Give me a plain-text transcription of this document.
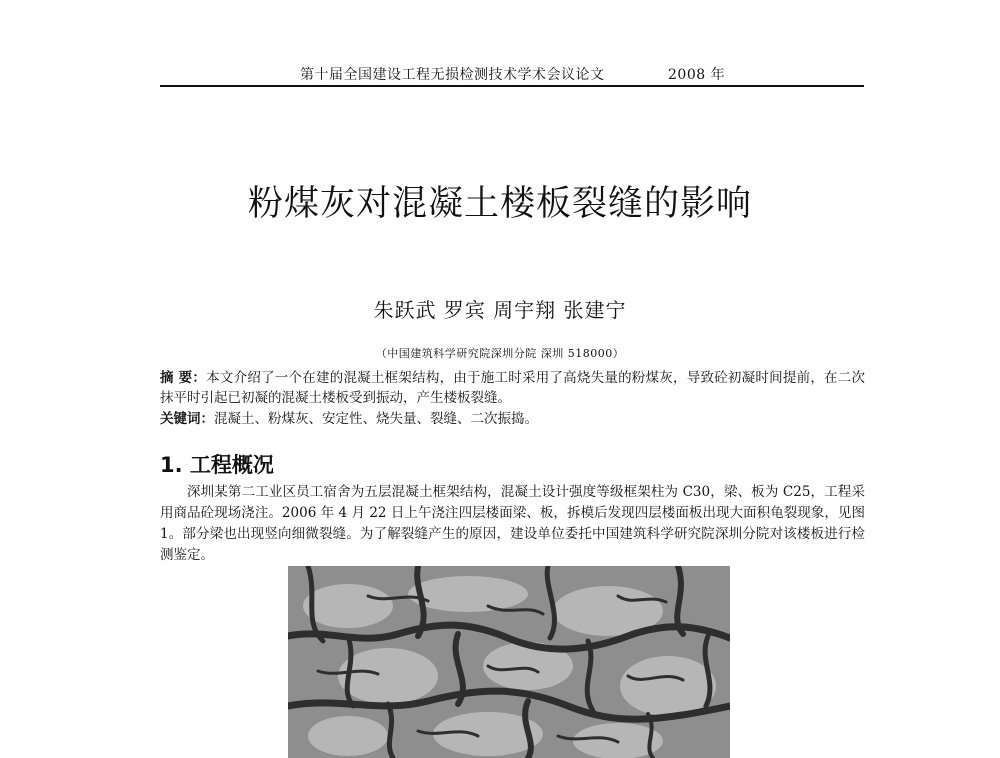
第十届全国建设工程无损检测技术学术会议论文	2008 年
粉煤灰对混凝土楼板裂缝的影响
朱跃武 罗宾 周宇翔 张建宁
（中国建筑科学研究院深圳分院 深圳 518000）
摘 要：本文介绍了一个在建的混凝土框架结构，由于施工时采用了高烧失量的粉煤灰，导致砼初凝时间提前，在二次抹平时引起已初凝的混凝土楼板受到振动，产生楼板裂缝。
关键词：混凝土、粉煤灰、安定性、烧失量、裂缝、二次振捣。
1. 工程概况
深圳某第二工业区员工宿舍为五层混凝土框架结构，混凝土设计强度等级框架柱为 C30，梁、板为 C25，工程采用商品砼现场浇注。2006 年 4 月 22 日上午浇注四层楼面梁、板，拆模后发现四层楼面板出现大面积龟裂现象，见图 1。部分梁也出现竖向细微裂缝。为了解裂缝产生的原因，建设单位委托中国建筑科学研究院深圳分院对该楼板进行检测鉴定。
